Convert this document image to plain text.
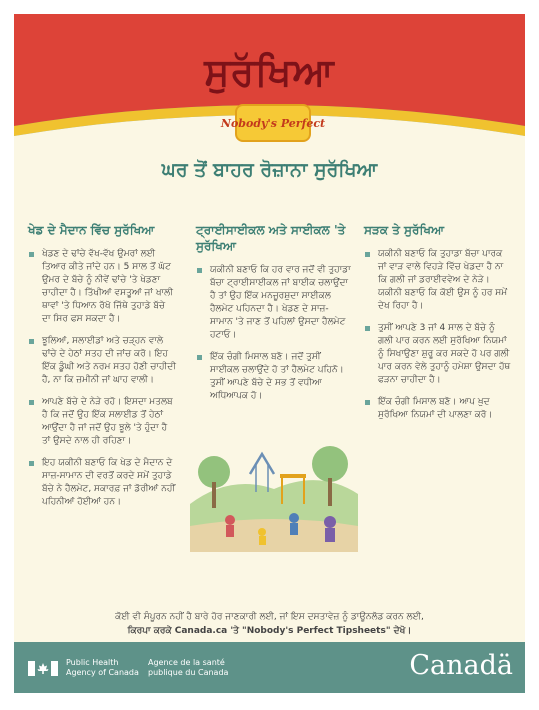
ਸੁਰੱਖਿਆ
Nobody's
Perfect
ਘਰ ਤੋਂ ਬਾਹਰ ਰੋਜ਼ਾਨਾ ਸੁਰੱਖਿਆ
ਖੇਡ ਦੇ ਮੈਦਾਨ ਵਿੱਚ ਸੁਰੱਖਿਆ
ਖੇਡਣ ਦੇ ਢਾਂਚੇ ਵੱਖ-ਵੱਖ ਉਮਰਾਂ ਲਈ ਤਿਆਰ ਕੀਤੇ ਜਾਂਦੇ ਹਨ। 5 ਸਾਲ ਤੋਂ ਘੱਟ ਉਮਰ ਦੇ ਬੱਚੇ ਨੂੰ ਨੀਵੇਂ ਢਾਂਚੇ 'ਤੇ ਖੇਡਣਾ ਚਾਹੀਦਾ ਹੈ। ਤਿੱਖੀਆਂ ਵਸਤੂਆਂ ਜਾਂ ਖਾਲੀ ਥਾਵਾਂ 'ਤੇ ਧਿਆਨ ਰੱਖੋ ਜਿੱਥੇ ਤੁਹਾਡੇ ਬੱਚੇ ਦਾ ਸਿਰ ਫਸ ਸਕਦਾ ਹੈ।
ਝੂਲਿਆਂ, ਸਲਾਈਡਾਂ ਅਤੇ ਚੜ੍ਹਨ ਵਾਲੇ ਢਾਂਚੇ ਦੇ ਹੇਠਾਂ ਸਤਹ ਦੀ ਜਾਂਚ ਕਰੋ। ਇਹ ਇੱਕ ਡੂੰਘੀ ਅਤੇ ਨਰਮ ਸਤਹ ਹੋਣੀ ਚਾਹੀਦੀ ਹੈ, ਨਾ ਕਿ ਜ਼ਮੀਨੀ ਜਾਂ ਘਾਹ ਵਾਲੀ।
ਆਪਣੇ ਬੱਚੇ ਦੇ ਨੇੜੇ ਰਹੋ। ਇਸਦਾ ਮਤਲਬ ਹੈ ਕਿ ਜਦੋਂ ਉਹ ਇੱਕ ਸਲਾਈਡ ਤੋਂ ਹੇਠਾਂ ਆਉਂਦਾ ਹੈ ਜਾਂ ਜਦੋਂ ਉਹ ਝੂਲੇ 'ਤੇ ਹੁੰਦਾ ਹੈ ਤਾਂ ਉਸਦੇ ਨਾਲ ਹੀ ਰਹਿਣਾ।
ਇਹ ਯਕੀਨੀ ਬਣਾਓ ਕਿ ਖੇਡ ਦੇ ਮੈਦਾਨ ਦੇ ਸਾਜ਼-ਸਾਮਾਨ ਦੀ ਵਰਤੋਂ ਕਰਦੇ ਸਮੇਂ ਤੁਹਾਡੇ ਬੱਚੇ ਨੇ ਹੈਲਮੇਟ, ਸਕਾਰਫ਼ ਜਾਂ ਡੋਰੀਆਂ ਨਹੀਂ ਪਹਿਨੀਆਂ ਹੋਈਆਂ ਹਨ।
ਟ੍ਰਾਈਸਾਈਕਲ ਅਤੇ ਸਾਈਕਲ 'ਤੇ ਸੁਰੱਖਿਆ
ਯਕੀਨੀ ਬਣਾਓ ਕਿ ਹਰ ਵਾਰ ਜਦੋਂ ਵੀ ਤੁਹਾਡਾ ਬੱਚਾ ਟ੍ਰਾਈਸਾਈਕਲ ਜਾਂ ਬਾਈਕ ਚਲਾਉਂਦਾ ਹੈ ਤਾਂ ਉਹ ਇੱਕ ਮਨਜ਼ੂਰਸ਼ੁਦਾ ਸਾਈਕਲ ਹੈਲਮੇਟ ਪਹਿਨਦਾ ਹੈ। ਖੇਡਣ ਦੇ ਸਾਜ਼-ਸਾਮਾਨ 'ਤੇ ਜਾਣ ਤੋਂ ਪਹਿਲਾਂ ਉਸਦਾ ਹੈਲਮੇਟ ਹਟਾਓ।
ਇੱਕ ਚੰਗੀ ਮਿਸਾਲ ਬਣੋ। ਜਦੋਂ ਤੁਸੀਂ ਸਾਈਕਲ ਚਲਾਉਂਦੇ ਹੋ ਤਾਂ ਹੈਲਮੇਟ ਪਹਿਨੋ। ਤੁਸੀਂ ਆਪਣੇ ਬੱਚੇ ਦੇ ਸਭ ਤੋਂ ਵਧੀਆ ਅਧਿਆਪਕ ਹੋ।
ਸੜਕ ਤੇ ਸੁਰੱਖਿਆ
ਯਕੀਨੀ ਬਣਾਓ ਕਿ ਤੁਹਾਡਾ ਬੱਚਾ ਪਾਰਕ ਜਾਂ ਵਾੜ ਵਾਲੇ ਵਿਹੜੇ ਵਿੱਚ ਖੇਡਦਾ ਹੈ ਨਾ ਕਿ ਗਲੀ ਜਾਂ ਡਰਾਈਵਵੇਅ ਦੇ ਨੇੜੇ। ਯਕੀਨੀ ਬਣਾਓ ਕਿ ਕੋਈ ਉਸ ਨੂੰ ਹਰ ਸਮੇਂ ਦੇਖ ਰਿਹਾ ਹੈ।
ਤੁਸੀਂ ਆਪਣੇ 3 ਜਾਂ 4 ਸਾਲ ਦੇ ਬੱਚੇ ਨੂੰ ਗਲੀ ਪਾਰ ਕਰਨ ਲਈ ਸੁਰੱਖਿਆ ਨਿਯਮਾਂ ਨੂੰ ਸਿਖਾਉਣਾ ਸ਼ੁਰੂ ਕਰ ਸਕਦੇ ਹੋ ਪਰ ਗਲੀ ਪਾਰ ਕਰਨ ਵੇਲੇ ਤੁਹਾਨੂੰ ਹਮੇਸ਼ਾ ਉਸਦਾ ਹੱਥ ਫੜਨਾ ਚਾਹੀਦਾ ਹੈ।
ਇੱਕ ਚੰਗੀ ਮਿਸਾਲ ਬਣੋ। ਆਪ ਖ਼ੁਦ ਸੁਰੱਖਿਆ ਨਿਯਮਾਂ ਦੀ ਪਾਲਣਾ ਕਰੋ।
ਕੋਈ ਵੀ ਸੰਪੂਰਨ ਨਹੀਂ ਹੈ ਬਾਰੇ ਹੋਰ ਜਾਣਕਾਰੀ ਲਈ, ਜਾਂ ਇਸ ਦਸਤਾਵੇਜ਼ ਨੂੰ ਡਾਊਨਲੋਡ ਕਰਨ ਲਈ,
ਕਿਰਪਾ ਕਰਕੇ Canada.ca 'ਤੇ "Nobody's Perfect Tipsheets" ਦੇਖੋ।
Public Health
Agency of Canada
Agence de la santé
publique du Canada	Canadä
